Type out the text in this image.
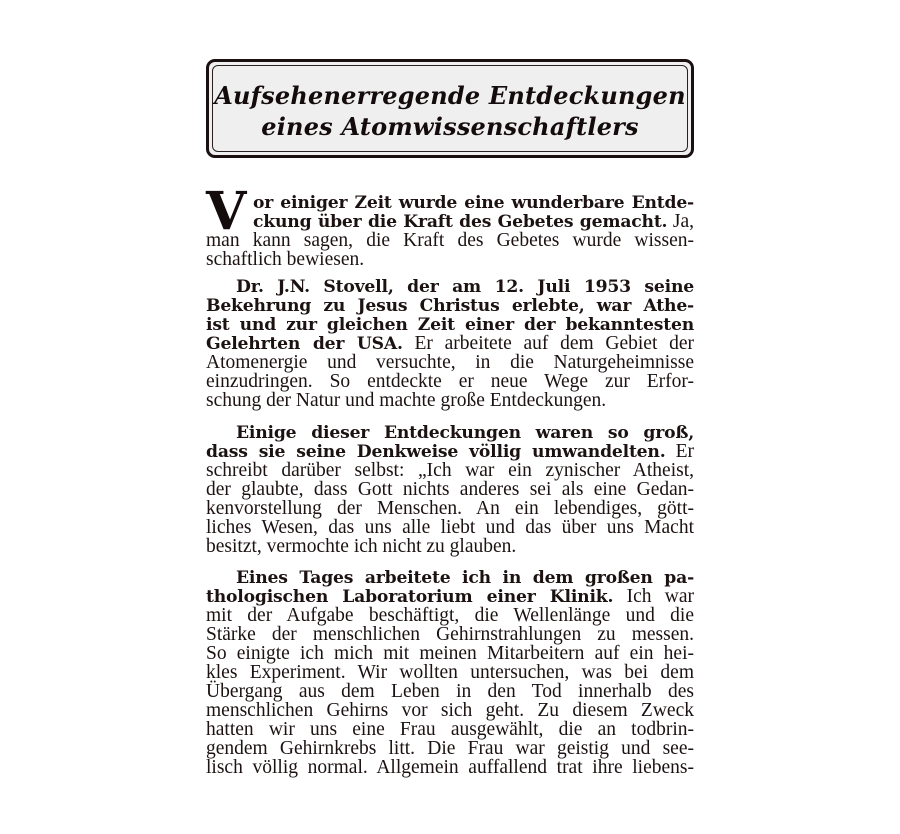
Aufsehenerregende Entdeckungen
eines Atomwissenschaftlers
V or einiger Zeit wurde eine wunderbare Entde-
ckung über die Kraft des Gebetes gemacht. Ja,
man kann sagen, die Kraft des Gebetes wurde wissen-
schaftlich bewiesen.
Dr. J.N. Stovell, der am 12. Juli 1953 seine
Bekehrung zu Jesus Christus erlebte, war Athe-
ist und zur gleichen Zeit einer der bekanntesten
Gelehrten der USA. Er arbeitete auf dem Gebiet der
Atomenergie und versuchte, in die Naturgeheimnisse
einzudringen. So entdeckte er neue Wege zur Erfor-
schung der Natur und machte große Entdeckungen.
Einige dieser Entdeckungen waren so groß,
dass sie seine Denkweise völlig umwandelten. Er
schreibt darüber selbst: „Ich war ein zynischer Atheist,
der glaubte, dass Gott nichts anderes sei als eine Gedan-
kenvorstellung der Menschen. An ein lebendiges, gött-
liches Wesen, das uns alle liebt und das über uns Macht
besitzt, vermochte ich nicht zu glauben.
Eines Tages arbeitete ich in dem großen pa-
thologischen Laboratorium einer Klinik. Ich war
mit der Aufgabe beschäftigt, die Wellenlänge und die
Stärke der menschlichen Gehirnstrahlungen zu messen.
So einigte ich mich mit meinen Mitarbeitern auf ein hei-
kles Experiment. Wir wollten untersuchen, was bei dem
Übergang aus dem Leben in den Tod innerhalb des
menschlichen Gehirns vor sich geht. Zu diesem Zweck
hatten wir uns eine Frau ausgewählt, die an todbrin-
gendem Gehirnkrebs litt. Die Frau war geistig und see-
lisch völlig normal. Allgemein auffallend trat ihre liebens-
